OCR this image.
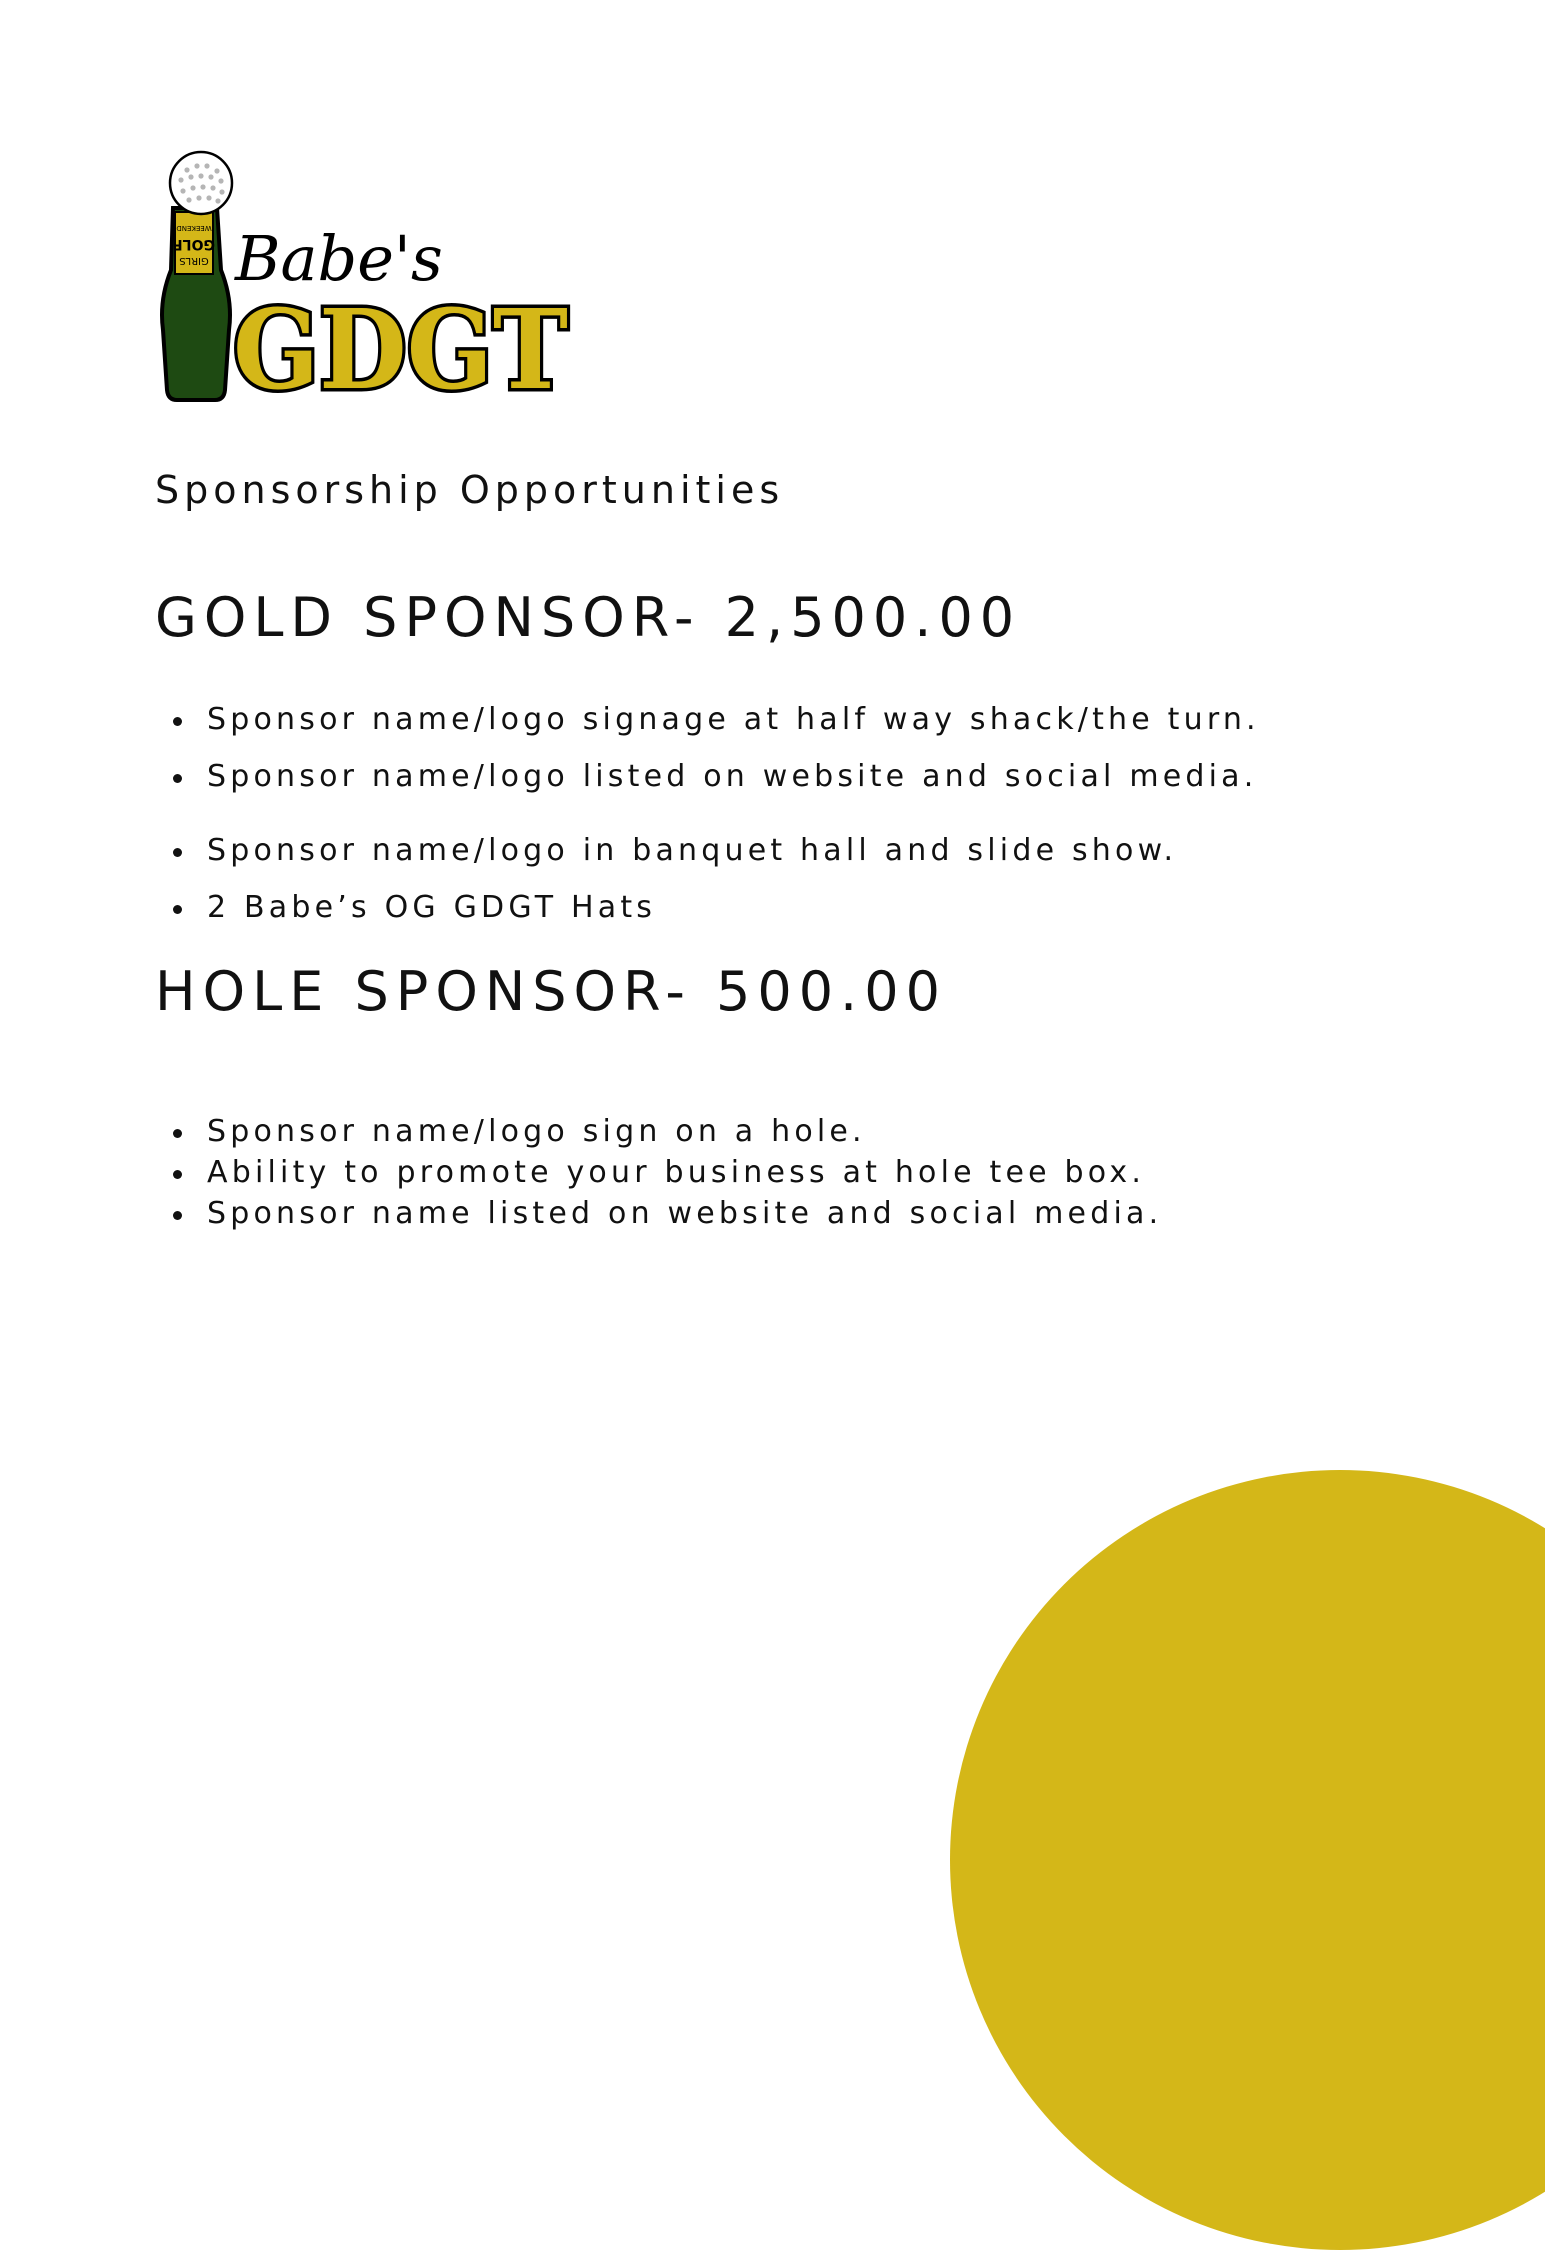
GIRLS
GOLF
WEEKEND Babe's
GDGT
Sponsorship Opportunities
GOLD SPONSOR- 2,500.00
Sponsor name/logo signage at half way shack/the turn.
Sponsor name/logo listed on website and social media.
Sponsor name/logo in banquet hall and slide show.
2 Babe’s OG GDGT Hats
HOLE SPONSOR- 500.00
Sponsor name/logo sign on a hole.
Ability to promote your business at hole tee box.
Sponsor name listed on website and social media.
